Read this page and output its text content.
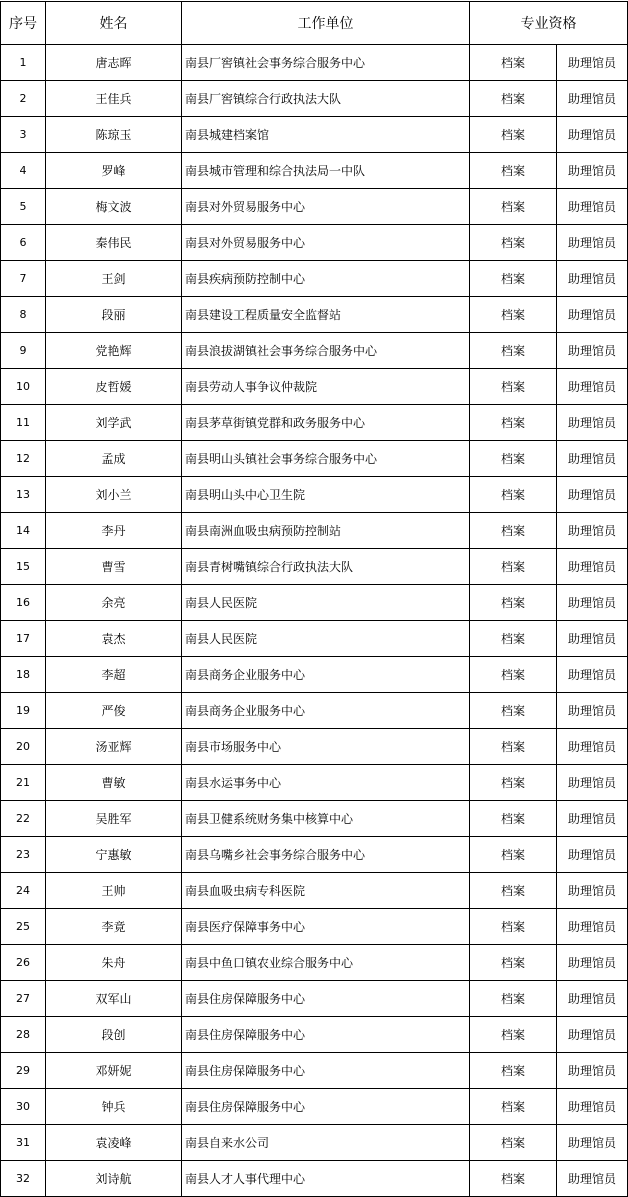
序号	姓名	工作单位	专业资格	
1	唐志晖	南县厂窖镇社会事务综合服务中心	档案	助理馆员
2	王佳兵	南县厂窖镇综合行政执法大队	档案	助理馆员
3	陈琼玉	南县城建档案馆	档案	助理馆员
4	罗峰	南县城市管理和综合执法局一中队	档案	助理馆员
5	梅文波	南县对外贸易服务中心	档案	助理馆员
6	秦伟民	南县对外贸易服务中心	档案	助理馆员
7	王剑	南县疾病预防控制中心	档案	助理馆员
8	段丽	南县建设工程质量安全监督站	档案	助理馆员
9	党艳辉	南县浪拔湖镇社会事务综合服务中心	档案	助理馆员
10	皮哲媛	南县劳动人事争议仲裁院	档案	助理馆员
11	刘学武	南县茅草街镇党群和政务服务中心	档案	助理馆员
12	孟成	南县明山头镇社会事务综合服务中心	档案	助理馆员
13	刘小兰	南县明山头中心卫生院	档案	助理馆员
14	李丹	南县南洲血吸虫病预防控制站	档案	助理馆员
15	曹雪	南县青树嘴镇综合行政执法大队	档案	助理馆员
16	余亮	南县人民医院	档案	助理馆员
17	袁杰	南县人民医院	档案	助理馆员
18	李超	南县商务企业服务中心	档案	助理馆员
19	严俊	南县商务企业服务中心	档案	助理馆员
20	汤亚辉	南县市场服务中心	档案	助理馆员
21	曹敏	南县水运事务中心	档案	助理馆员
22	吴胜军	南县卫健系统财务集中核算中心	档案	助理馆员
23	宁惠敏	南县乌嘴乡社会事务综合服务中心	档案	助理馆员
24	王帅	南县血吸虫病专科医院	档案	助理馆员
25	李竟	南县医疗保障事务中心	档案	助理馆员
26	朱舟	南县中鱼口镇农业综合服务中心	档案	助理馆员
27	双军山	南县住房保障服务中心	档案	助理馆员
28	段创	南县住房保障服务中心	档案	助理馆员
29	邓妍妮	南县住房保障服务中心	档案	助理馆员
30	钟兵	南县住房保障服务中心	档案	助理馆员
31	袁凌峰	南县自来水公司	档案	助理馆员
32	刘诗航	南县人才人事代理中心	档案	助理馆员
